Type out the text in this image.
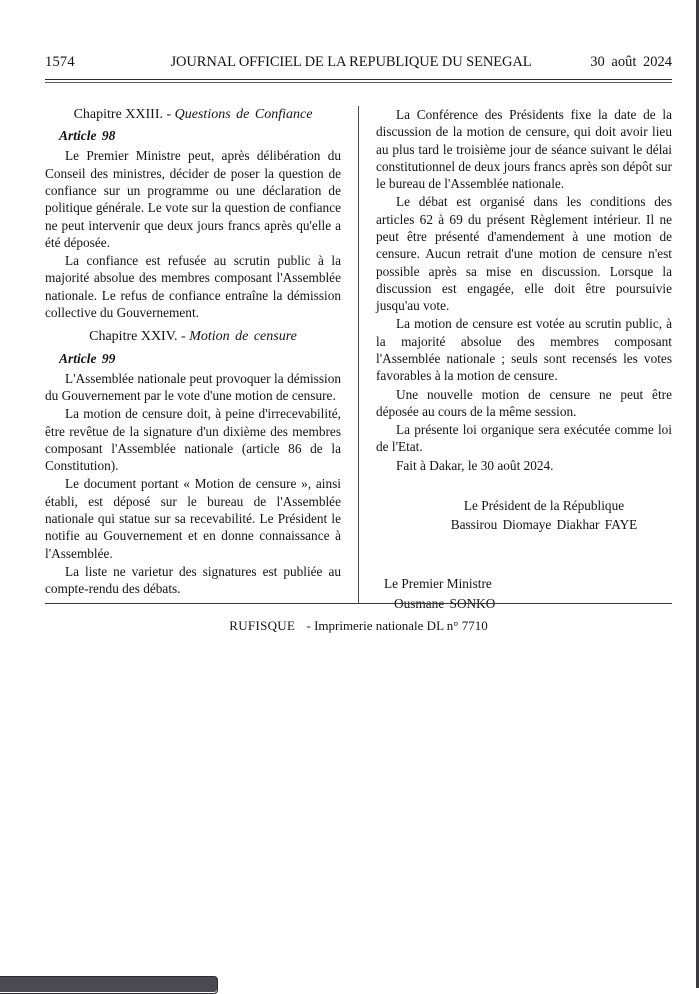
1574	JOURNAL OFFICIEL DE LA REPUBLIQUE DU SENEGAL	30 août 2024
Chapitre XXIII. - Questions de Confiance
Article 98

Le Premier Ministre peut, après délibération du Conseil des ministres, décider de poser la question de confiance sur un programme ou une déclaration de politique générale. Le vote sur la question de confiance ne peut intervenir que deux jours francs après qu'elle a été déposée.

La confiance est refusée au scrutin public à la majorité absolue des membres composant l'Assemblée nationale. Le refus de confiance entraîne la démission collective du Gouvernement.

Chapitre XXIV. - Motion de censure
Article 99

L'Assemblée nationale peut provoquer la démission du Gouvernement par le vote d'une motion de censure.

La motion de censure doit, à peine d'irrecevabilité, être revêtue de la signature d'un dixième des membres composant l'Assemblée nationale (article 86 de la Constitution).

Le document portant « Motion de censure », ainsi établi, est déposé sur le bureau de l'Assemblée nationale qui statue sur sa recevabilité. Le Président le notifie au Gouvernement et en donne connaissance à l'Assemblée.

La liste ne varietur des signatures est publiée au compte-rendu des débats.

La Conférence des Présidents fixe la date de la discussion de la motion de censure, qui doit avoir lieu au plus tard le troisième jour de séance suivant le délai constitutionnel de deux jours francs après son dépôt sur le bureau de l'Assemblée nationale.

Le débat est organisé dans les conditions des articles 62 à 69 du présent Règlement intérieur. Il ne peut être présenté d'amendement à une motion de censure. Aucun retrait d'une motion de censure n'est possible après sa mise en discussion. Lorsque la discussion est engagée, elle doit être poursuivie jusqu'au vote.

La motion de censure est votée au scrutin public, à la majorité absolue des membres composant l'Assemblée nationale ; seuls sont recensés les votes favorables à la motion de censure.

Une nouvelle motion de censure ne peut être déposée au cours de la même session.

La présente loi organique sera exécutée comme loi de l'Etat.

Fait à Dakar, le 30 août 2024.

Le Président de la République
Bassirou Diomaye Diakhar FAYE
Le Premier Ministre
Ousmane SONKO
RUFISQUE - Imprimerie nationale DL n° 7710
